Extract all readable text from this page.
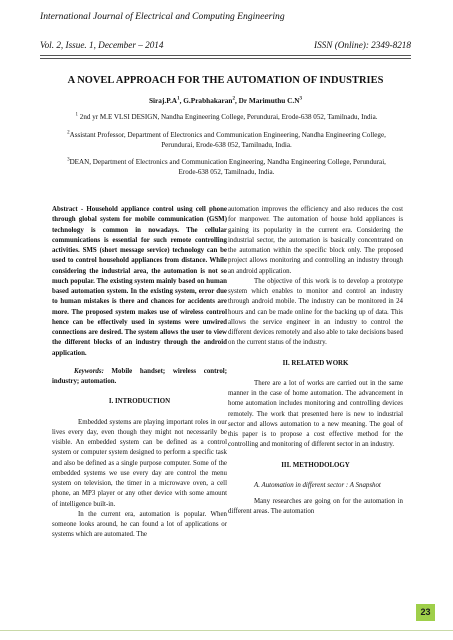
International Journal of Electrical and Computing Engineering
Vol. 2, Issue. 1, December – 2014	ISSN (Online): 2349-8218
A NOVEL APPROACH FOR THE AUTOMATION OF INDUSTRIES
$Siraj.P.A^1$, G.Prabhakaran$^2$, Dr Marimuthu $C.N^3$
$^1$ 2nd yr M.E VLSI DESIGN, Nandha Engineering College, Perundurai, Erode-638 052, Tamilnadu, India.
$^2$Assistant Professor, Department of Electronics and Communication Engineering, Nandha Engineering College, Perundurai, Erode-638 052, Tamilnadu, India.
$^3$DEAN, Department of Electronics and Communication Engineering, Nandha Engineering College, Perundurai, Erode-638 052, Tamilnadu, India.

Abstract - Household appliance control using cell phone through global system for mobile communication (GSM) technology is common in nowadays. The cellular communications is essential for such remote controlling activities. SMS (short message service) technology can be used to control household appliances from distance. While considering the industrial area, the automation is not so much popular. The existing system mainly based on human based automation system. In the existing system, error due to human mistakes is there and chances for accidents are more. The proposed system makes use of wireless control hence can be effectively used in systems were unwired connections are desired. The system allows the user to view the different blocks of an industry through the android application.

Keywords: Mobile handset; wireless control; industry; automation.

I. INTRODUCTION

Embedded systems are playing important roles in our lives every day, even though they might not necessarily be visible. An embedded system can be defined as a control system or computer system designed to perform a specific task and also be defined as a single purpose computer. Some of the embedded systems we use every day are control the menu system on television, the timer in a microwave oven, a cell phone, an MP3 player or any other device with some amount of intelligence built-in.

In the current era, automation is popular. When someone looks around, he can found a lot of applications or systems which are automated. The

automation improves the efficiency and also reduces the cost for manpower. The automation of house hold appliances is gaining its popularity in the current era. Considering the industrial sector, the automation is basically concentrated on the automation within the specific block only. The proposed project allows monitoring and controlling an industry through an android application.

The objective of this work is to develop a prototype system which enables to monitor and control an industry through android mobile. The industry can be monitored in 24 hours and can be made online for the backing up of data. This allows the service engineer in an industry to control the different devices remotely and also able to take decisions based on the current status of the industry.

II. RELATED WORK

There are a lot of works are carried out in the same manner in the case of home automation. The advancement in home automation includes monitoring and controlling devices remotely. The work that presented here is new to industrial sector and allows automation to a new meaning. The goal of this paper is to propose a cost effective method for the controlling and monitoring of different sector in an industry.

III. METHODOLOGY

A. Automation in different sector : A Snapshot

Many researches are going on for the automation in different areas. The automation

23
